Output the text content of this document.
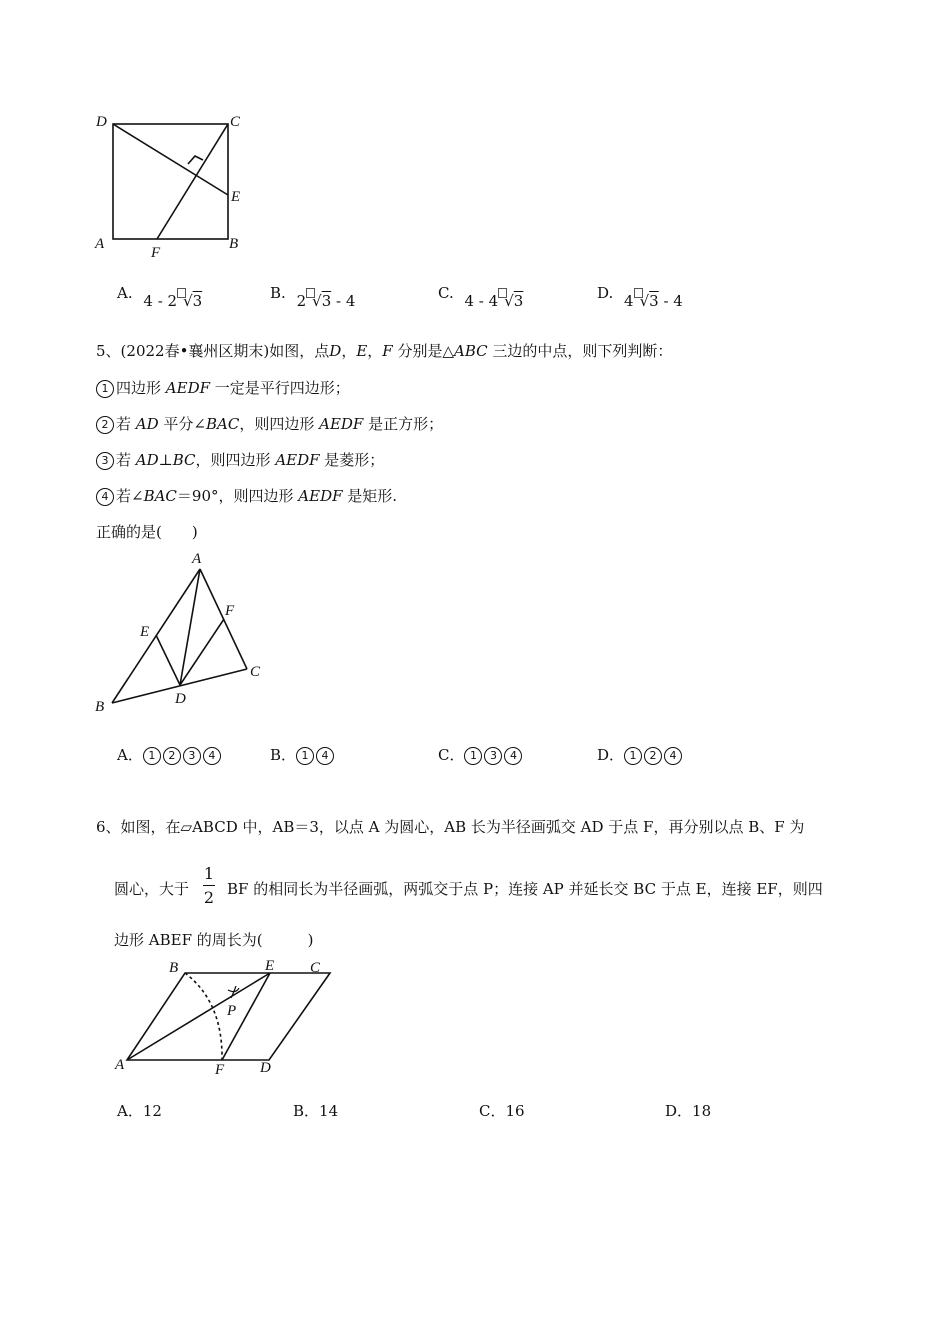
D	C
E
A
F
B
A. 4 - 2 √3	B. 2 √3 - 4	C. 4 - 4 √3	D. 4 √3 - 4
5、(2022春•襄州区期末)如图，点D，E，F 分别是△ABC 三边的中点，则下列判断：
1 四边形 AEDF 一定是平行四边形；
2 若 AD 平分∠BAC，则四边形 AEDF 是正方形；
3 若 AD⊥BC，则四边形 AEDF 是菱形；
4 若∠BAC＝90°，则四边形 AEDF 是矩形.
正确的是(　　)
A
E
F
C
D
B
A． 1 2 3 4	B． 1 4	C． 1 3 4	D． 1 2 4
6、如图，在▱ABCD 中，AB＝3，以点 A 为圆心，AB 长为半径画弧交 AD 于点 F，再分别以点 B、F 为
圆心，大于	BF 的相同长为半径画弧，两弧交于点 P；连接 AP 并延长交 BC 于点 E，连接 EF，则四
1
2
边形 ABEF 的周长为(　　　)
B	E C
P
A	F D
A．12	B．14	C．16	D．18
